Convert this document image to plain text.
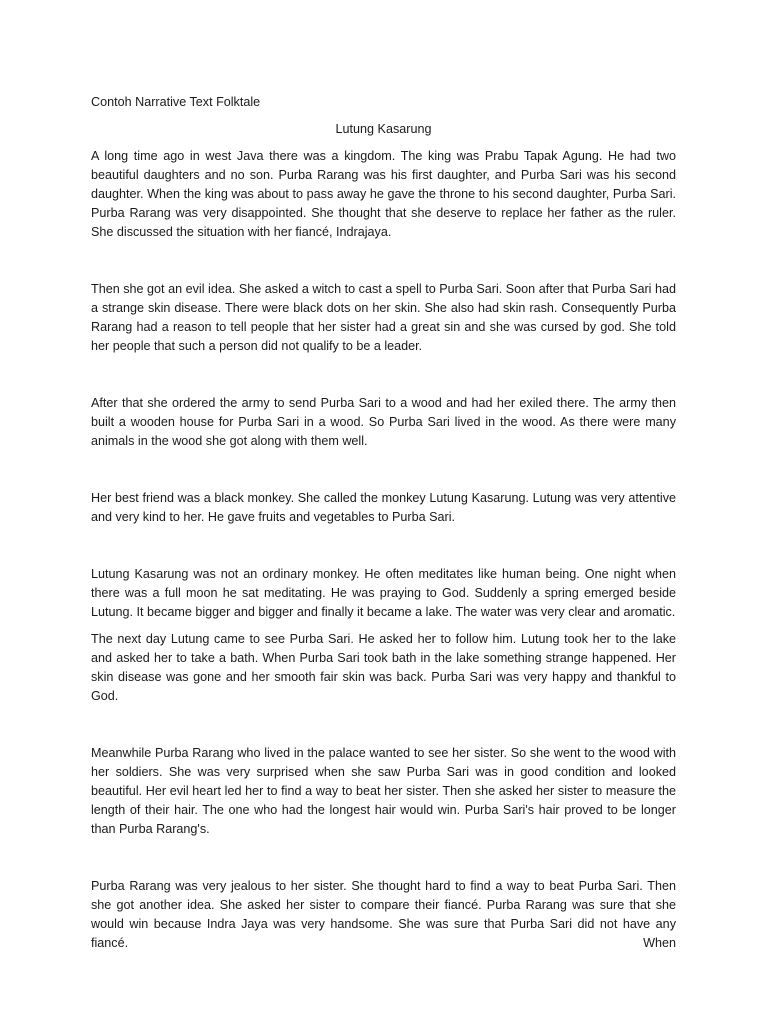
Contoh Narrative Text Folktale

Lutung Kasarung

A long time ago in west Java there was a kingdom. The king was Prabu Tapak Agung. He had two beautiful daughters and no son. Purba Rarang was his first daughter, and Purba Sari was his second daughter. When the king was about to pass away he gave the throne to his second daughter, Purba Sari. Purba Rarang was very disappointed. She thought that she deserve to replace her father as the ruler. She discussed the situation with her fiancé, Indrajaya.

Then she got an evil idea. She asked a witch to cast a spell to Purba Sari. Soon after that Purba Sari had a strange skin disease. There were black dots on her skin. She also had skin rash. Consequently Purba Rarang had a reason to tell people that her sister had a great sin and she was cursed by god. She told her people that such a person did not qualify to be a leader.

After that she ordered the army to send Purba Sari to a wood and had her exiled there. The army then built a wooden house for Purba Sari in a wood. So Purba Sari lived in the wood. As there were many animals in the wood she got along with them well.

Her best friend was a black monkey. She called the monkey Lutung Kasarung. Lutung was very attentive and very kind to her. He gave fruits and vegetables to Purba Sari.

Lutung Kasarung was not an ordinary monkey. He often meditates like human being. One night when there was a full moon he sat meditating. He was praying to God. Suddenly a spring emerged beside Lutung. It became bigger and bigger and finally it became a lake. The water was very clear and aromatic.

The next day Lutung came to see Purba Sari. He asked her to follow him. Lutung took her to the lake and asked her to take a bath. When Purba Sari took bath in the lake something strange happened. Her skin disease was gone and her smooth fair skin was back. Purba Sari was very happy and thankful to God.

Meanwhile Purba Rarang who lived in the palace wanted to see her sister. So she went to the wood with her soldiers. She was very surprised when she saw Purba Sari was in good condition and looked beautiful. Her evil heart led her to find a way to beat her sister. Then she asked her sister to measure the length of their hair. The one who had the longest hair would win. Purba Sari's hair proved to be longer than Purba Rarang's.

Purba Rarang was very jealous to her sister. She thought hard to find a way to beat Purba Sari. Then she got another idea. She asked her sister to compare their fiancé. Purba Rarang was sure that she would win because Indra Jaya was very handsome. She was sure that Purba Sari did not have any fiancé. When
